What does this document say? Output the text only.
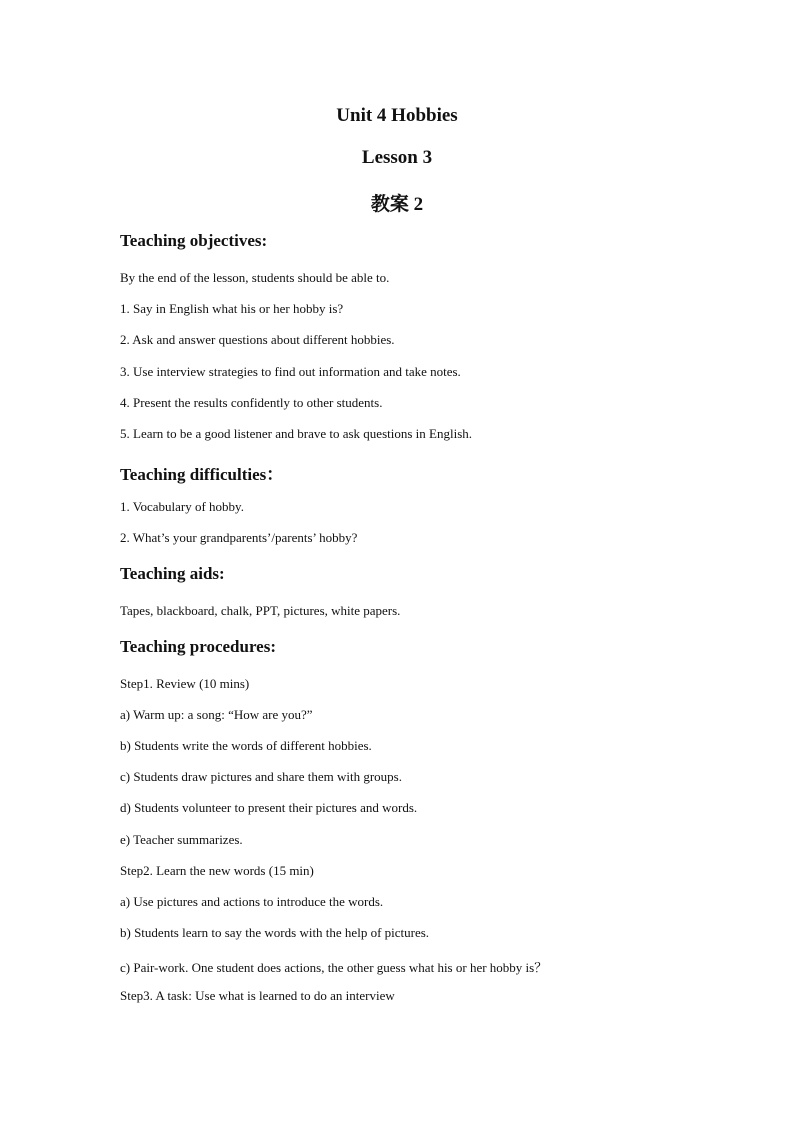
Unit 4 Hobbies
Lesson 3
教案 2
Teaching objectives:
By the end of the lesson, students should be able to.
1. Say in English what his or her hobby is?
2. Ask and answer questions about different hobbies.
3. Use interview strategies to find out information and take notes.
4. Present the results confidently to other students.
5. Learn to be a good listener and brave to ask questions in English.
Teaching difficulties：
1. Vocabulary of hobby.
2. What’s your grandparents’/parents’ hobby?
Teaching aids:
Tapes, blackboard, chalk, PPT, pictures, white papers.
Teaching procedures:
Step1. Review (10 mins)
a) Warm up: a song: “How are you?”
b) Students write the words of different hobbies.
c) Students draw pictures and share them with groups.
d) Students volunteer to present their pictures and words.
e) Teacher summarizes.
Step2. Learn the new words (15 min)
a) Use pictures and actions to introduce the words.
b) Students learn to say the words with the help of pictures.
c) Pair-work. One student does actions, the other guess what his or her hobby is？
Step3. A task: Use what is learned to do an interview
